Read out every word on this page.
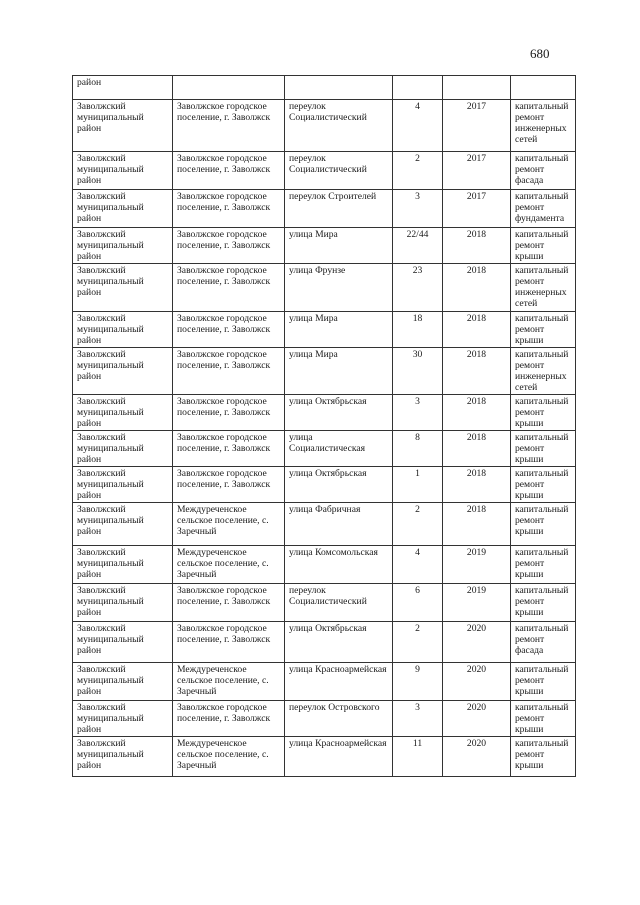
680
район					
Заволжский муниципальный район	Заволжское городское поселение, г. Заволжск	переулок Социалистический	4	2017	капитальный ремонт инженерных сетей
Заволжский муниципальный район	Заволжское городское поселение, г. Заволжск	переулок Социалистический	2	2017	капитальный ремонт фасада
Заволжский муниципальный район	Заволжское городское поселение, г. Заволжск	переулок Строителей	3	2017	капитальный ремонт фундамента
Заволжский муниципальный район	Заволжское городское поселение, г. Заволжск	улица Мира	22/44	2018	капитальный ремонт крыши
Заволжский муниципальный район	Заволжское городское поселение, г. Заволжск	улица Фрунзе	23	2018	капитальный ремонт инженерных сетей
Заволжский муниципальный район	Заволжское городское поселение, г. Заволжск	улица Мира	18	2018	капитальный ремонт крыши
Заволжский муниципальный район	Заволжское городское поселение, г. Заволжск	улица Мира	30	2018	капитальный ремонт инженерных сетей
Заволжский муниципальный район	Заволжское городское поселение, г. Заволжск	улица Октябрьская	3	2018	капитальный ремонт крыши
Заволжский муниципальный район	Заволжское городское поселение, г. Заволжск	улица Социалистическая	8	2018	капитальный ремонт крыши
Заволжский муниципальный район	Заволжское городское поселение, г. Заволжск	улица Октябрьская	1	2018	капитальный ремонт крыши
Заволжский муниципальный район	Междуреченское сельское поселение, с. Заречный	улица Фабричная	2	2018	капитальный ремонт крыши
Заволжский муниципальный район	Междуреченское сельское поселение, с. Заречный	улица Комсомольская	4	2019	капитальный ремонт крыши
Заволжский муниципальный район	Заволжское городское поселение, г. Заволжск	переулок Социалистический	6	2019	капитальный ремонт крыши
Заволжский муниципальный район	Заволжское городское поселение, г. Заволжск	улица Октябрьская	2	2020	капитальный ремонт фасада
Заволжский муниципальный район	Междуреченское сельское поселение, с. Заречный	улица Красноармейская	9	2020	капитальный ремонт крыши
Заволжский муниципальный район	Заволжское городское поселение, г. Заволжск	переулок Островского	3	2020	капитальный ремонт крыши
Заволжский муниципальный район	Междуреченское сельское поселение, с. Заречный	улица Красноармейская	11	2020	капитальный ремонт крыши
